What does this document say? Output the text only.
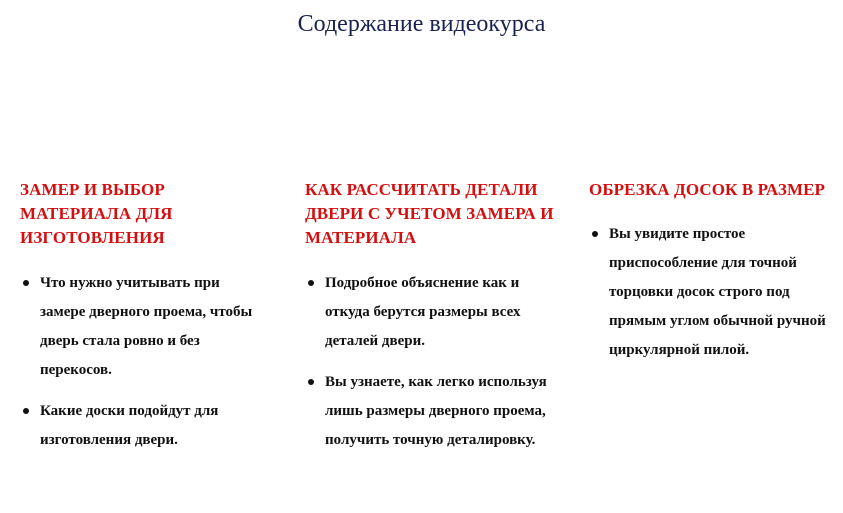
Содержание видеокурса
ЗАМЕР И ВЫБОР МАТЕРИАЛА ДЛЯ ИЗГОТОВЛЕНИЯ
Что нужно учитывать при замере дверного проема, чтобы дверь стала ровно и без перекосов.
Какие доски подойдут для изготовления двери.
КАК РАССЧИТАТЬ ДЕТАЛИ ДВЕРИ С УЧЕТОМ ЗАМЕРА И МАТЕРИАЛА
Подробное объяснение как и откуда берутся размеры всех деталей двери.
Вы узнаете, как легко используя лишь размеры дверного проема, получить точную деталировку.
ОБРЕЗКА ДОСОК В РАЗМЕР
Вы увидите простое приспособление для точной торцовки досок строго под прямым углом обычной ручной циркулярной пилой.
